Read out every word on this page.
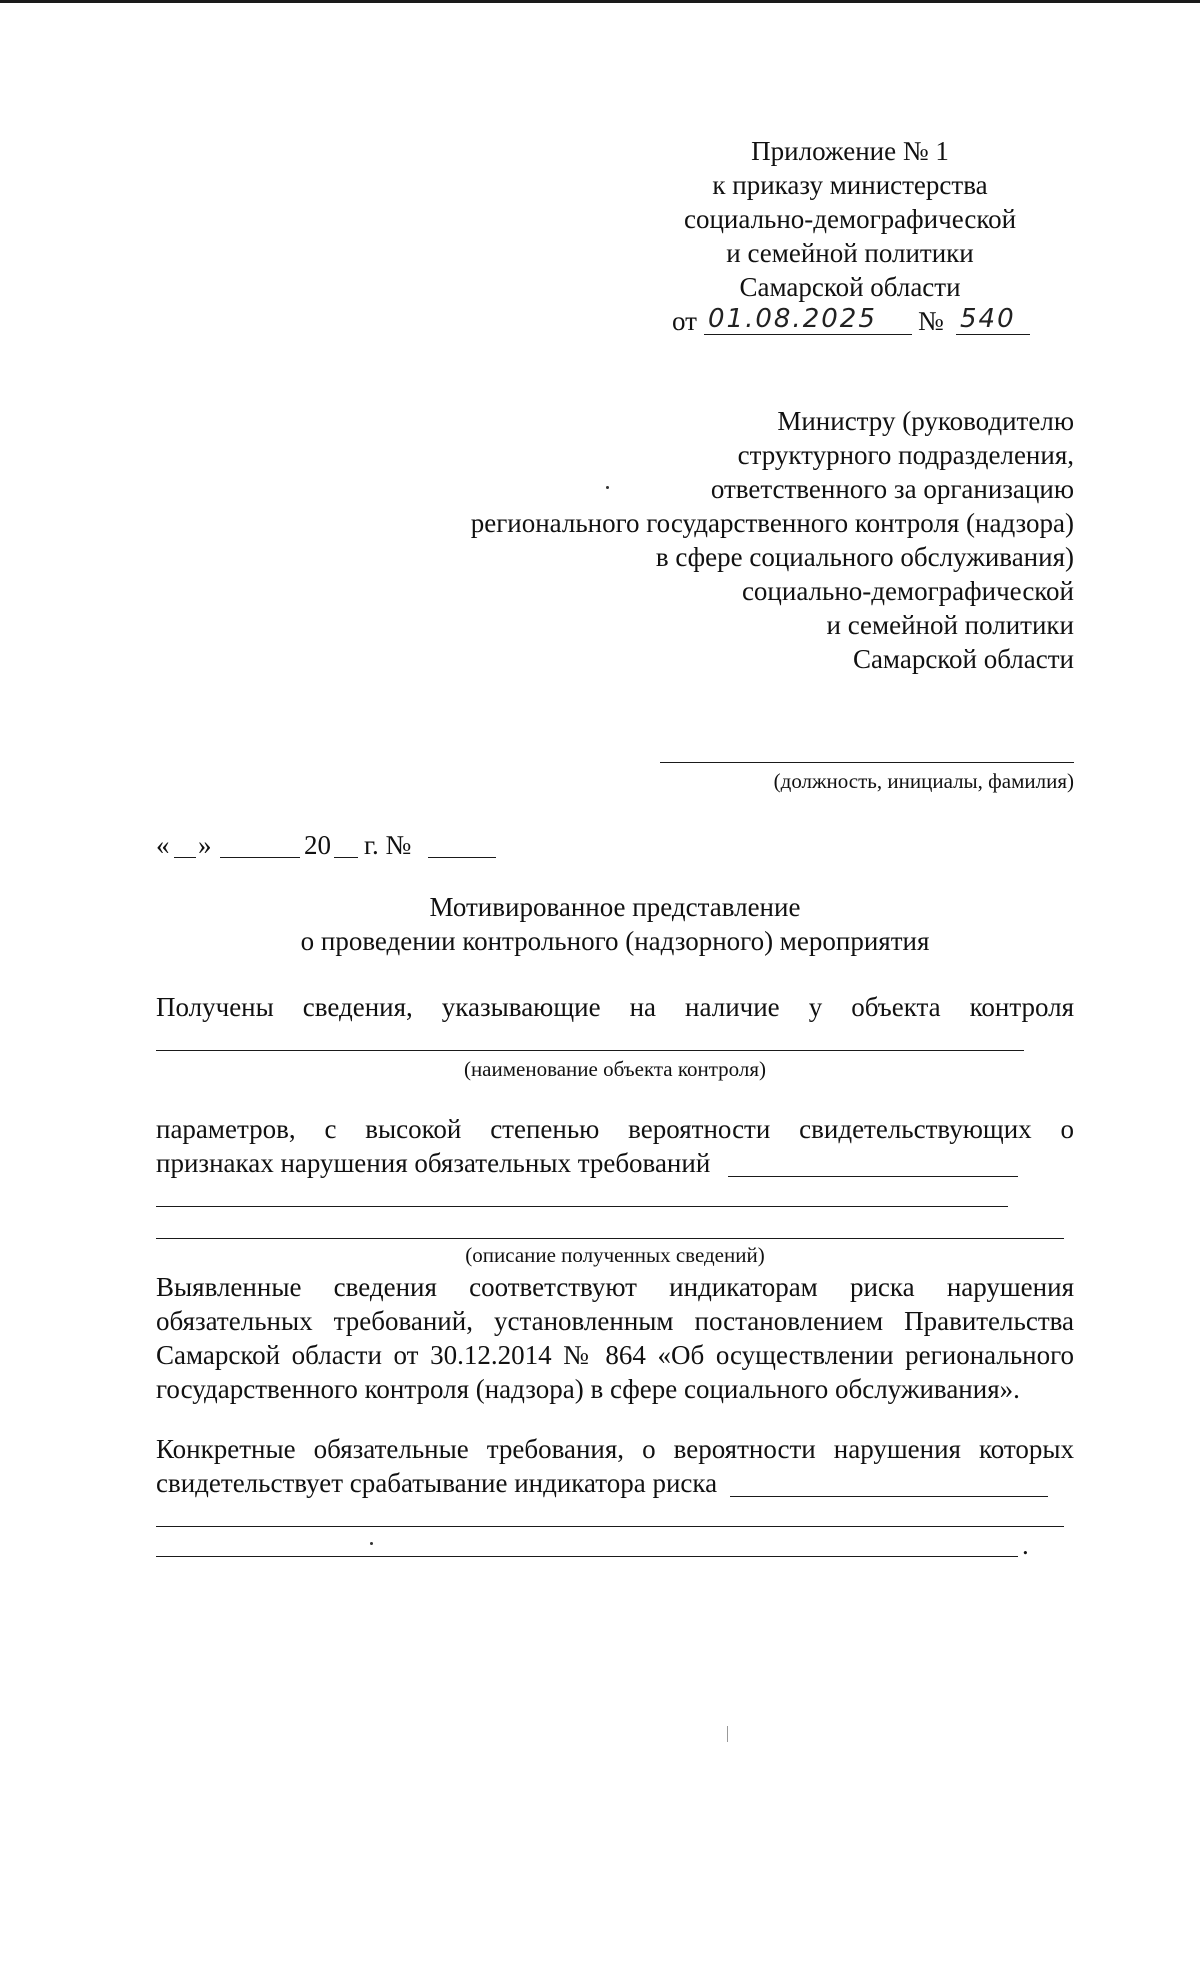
Приложение № 1
к приказу министерства
социально-демографической
и семейной политики
Самарской области
от 01.08.2025 № 540
Министру (руководителю
структурного подразделения,
ответственного за организацию
регионального государственного контроля (надзора)
в сфере социального обслуживания)
социально-демографической
и семейной политики
Самарской области
(должность, инициалы, фамилия)
« »	20 г. №
Мотивированное представление
о проведении контрольного (надзорного) мероприятия
Получены сведения, указывающие на наличие у объекта контроля
(наименование объекта контроля)
параметров, с высокой степенью вероятности свидетельствующих о
признаках нарушения обязательных требований
(описание полученных сведений)
Выявленные сведения соответствуют индикаторам риска нарушения
обязательных требований, установленным постановлением Правительства
Самарской области от 30.12.2014 № 864 «Об осуществлении регионального
государственного контроля (надзора) в сфере социального обслуживания».
Конкретные обязательные требования, о вероятности нарушения которых
свидетельствует срабатывание индикатора риска
.
